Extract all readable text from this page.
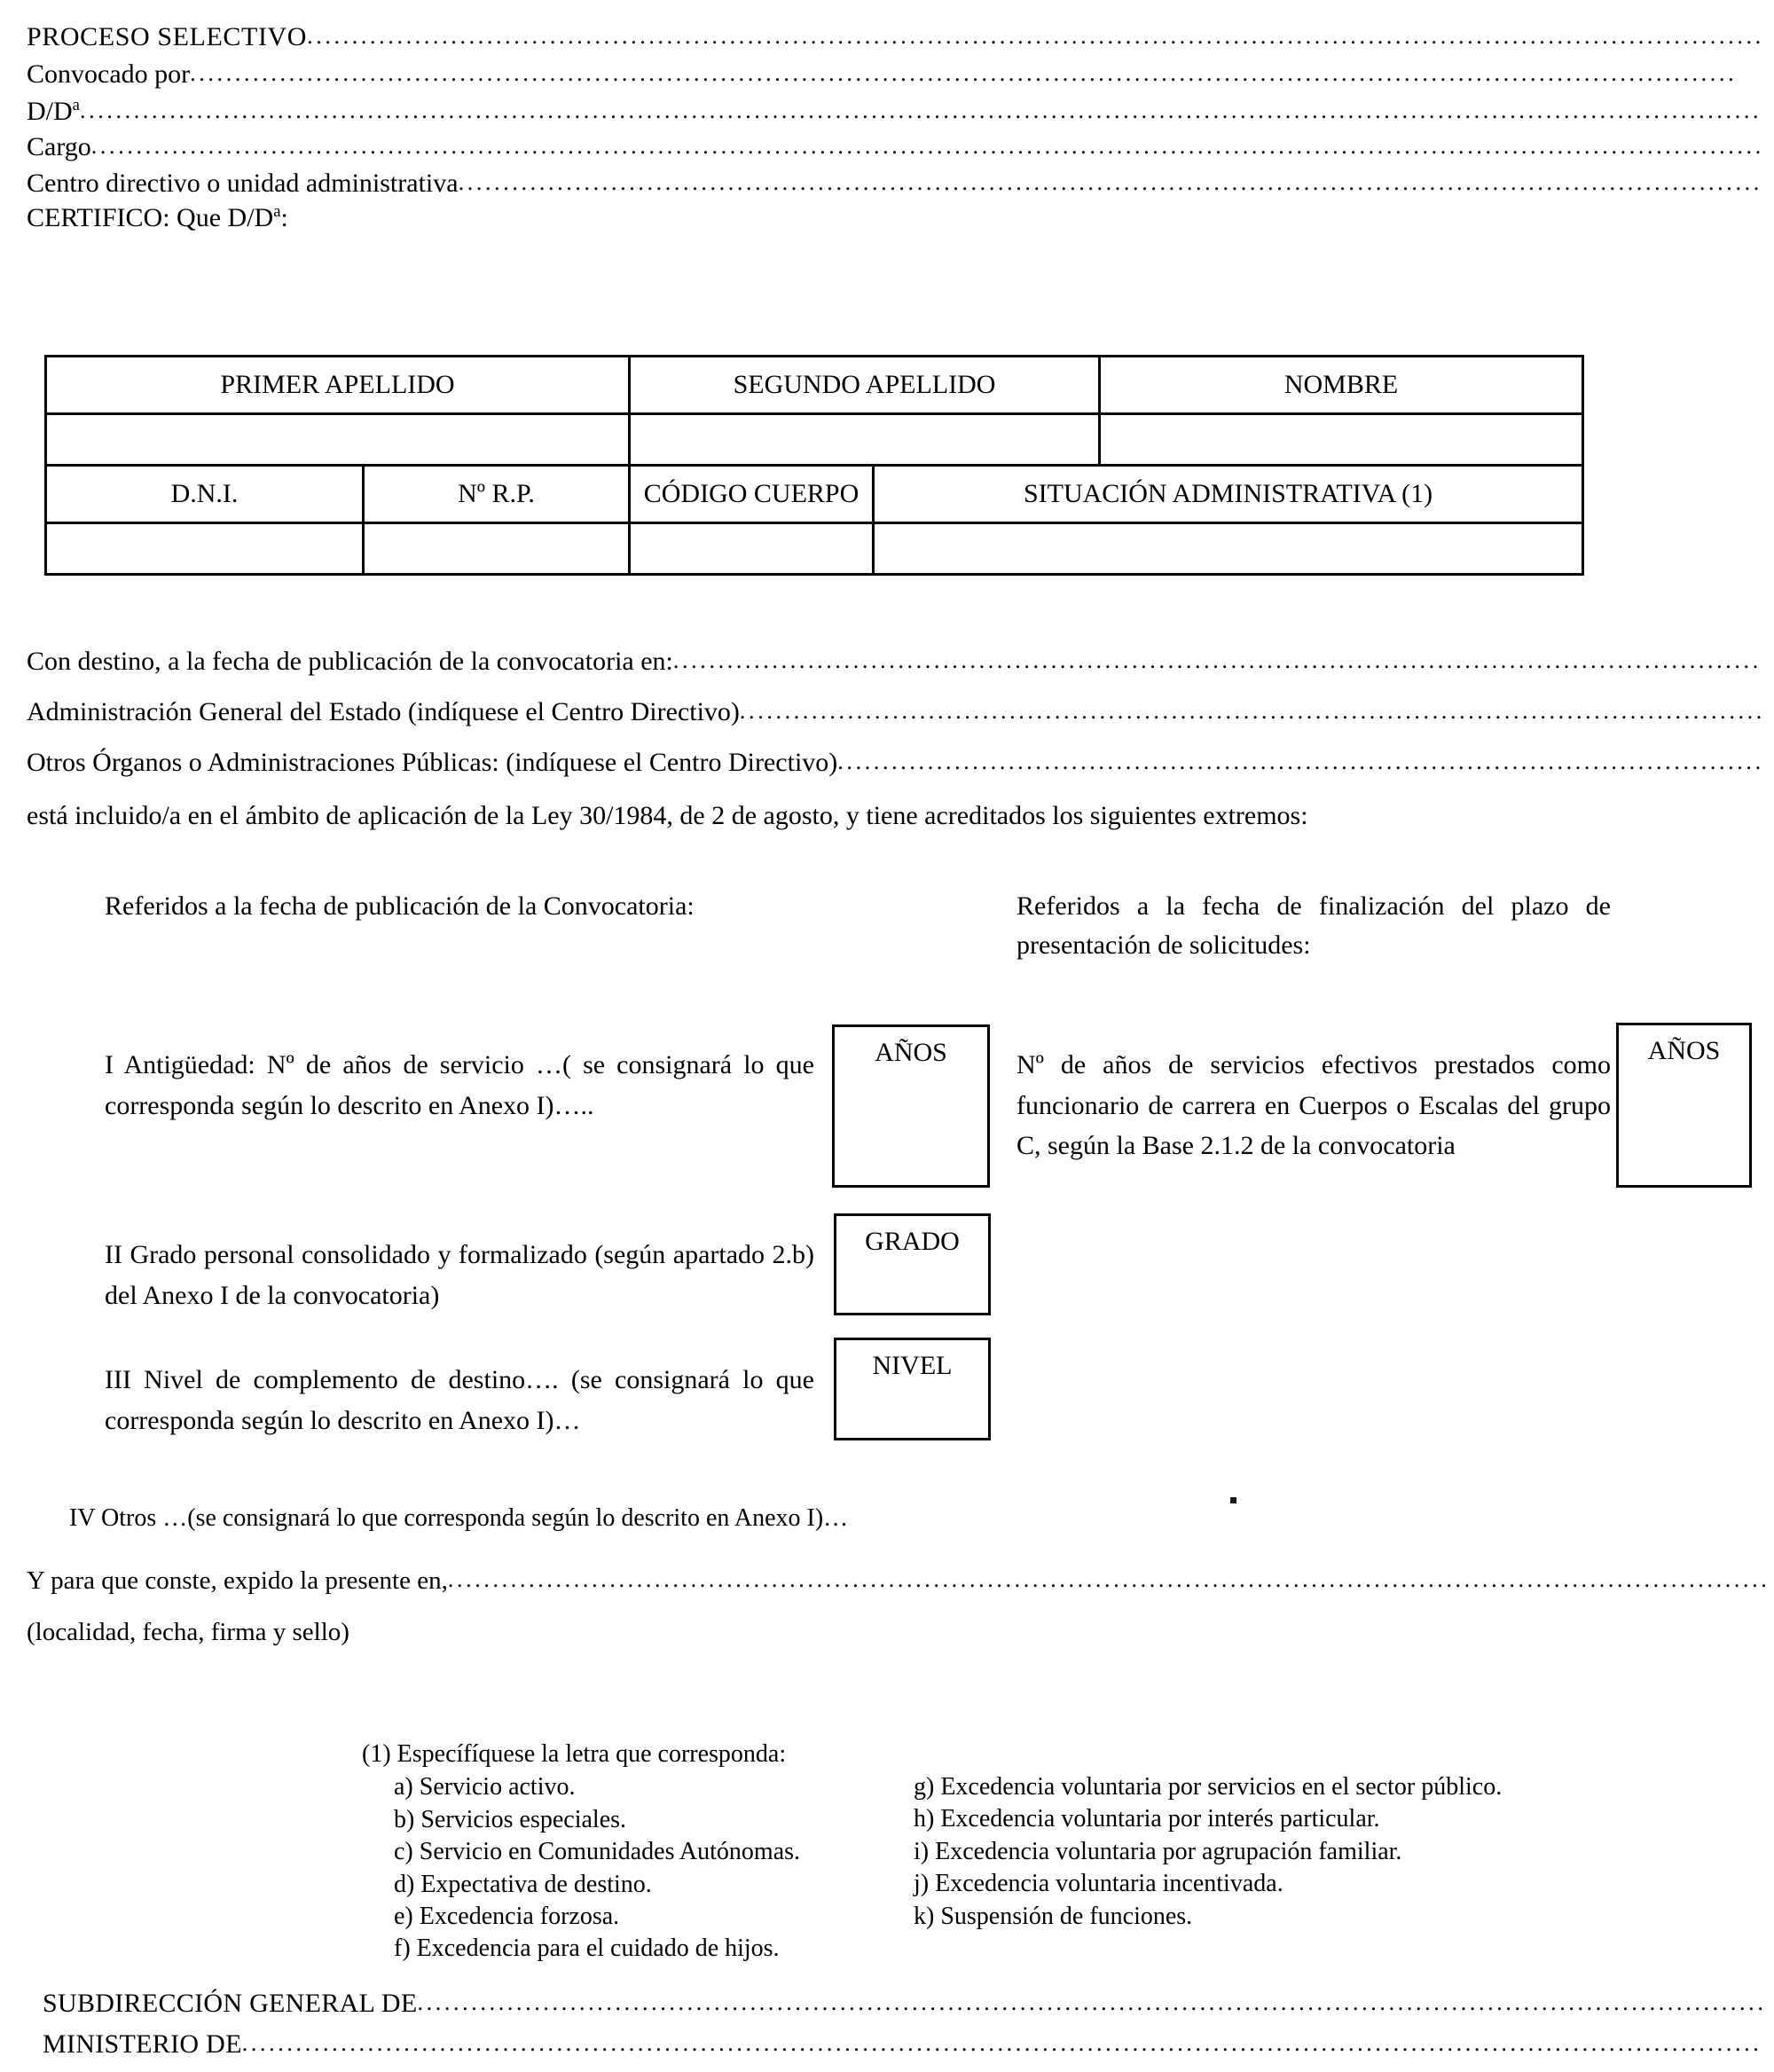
PROCESO SELECTIVO
.....
Convocado por
.....
$D/D^a$
.....
Cargo
.....
Centro directivo o unidad administrativa
.....
CERTIFICO: Que $D/D^a$:
PRIMER APELLIDO		SEGUNDO APELLIDO		NOMBRE

D.N.I.	Nº R.P.	CÓDIGO CUERPO	SITUACIÓN ADMINISTRATIVA (1)	

Con destino, a la fecha de publicación de la convocatoria en:
.....
Administración General del Estado (indíquese el Centro Directivo)
.....
Otros Órganos o Administraciones Públicas: (indíquese el Centro Directivo)
.....
está incluido/a en el ámbito de aplicación de la Ley 30/1984, de 2 de agosto, y tiene acreditados los siguientes extremos:
Referidos a la fecha de publicación de la Convocatoria:	Referidos a la fecha de finalización del plazo de presentación de solicitudes:
I Antigüedad: Nº de años de servicio …( se consignará lo que corresponda según lo descrito en Anexo I)…..
AÑOS	Nº de años de servicios efectivos prestados como funcionario de carrera en Cuerpos o Escalas del grupo C, según la Base 2.1.2 de la convocatoria
AÑOS
II Grado personal consolidado y formalizado (según apartado 2.b) del Anexo I de la convocatoria)
GRADO
III Nivel de complemento de destino…. (se consignará lo que corresponda según lo descrito en Anexo I)…
NIVEL
IV Otros …(se consignará lo que corresponda según lo descrito en Anexo I)…
Y para que conste, expido la presente en,
.....
(localidad, fecha, firma y sello)
(1) Específíquese la letra que corresponda:
a) Servicio activo.
b) Servicios especiales.
c) Servicio en Comunidades Autónomas.
d) Expectativa de destino.
e) Excedencia forzosa.
f) Excedencia para el cuidado de hijos.
g) Excedencia voluntaria por servicios en el sector público.
h) Excedencia voluntaria por interés particular.
i) Excedencia voluntaria por agrupación familiar.
j) Excedencia voluntaria incentivada.
k) Suspensión de funciones.
SUBDIRECCIÓN GENERAL DE
.....
MINISTERIO DE
.....
